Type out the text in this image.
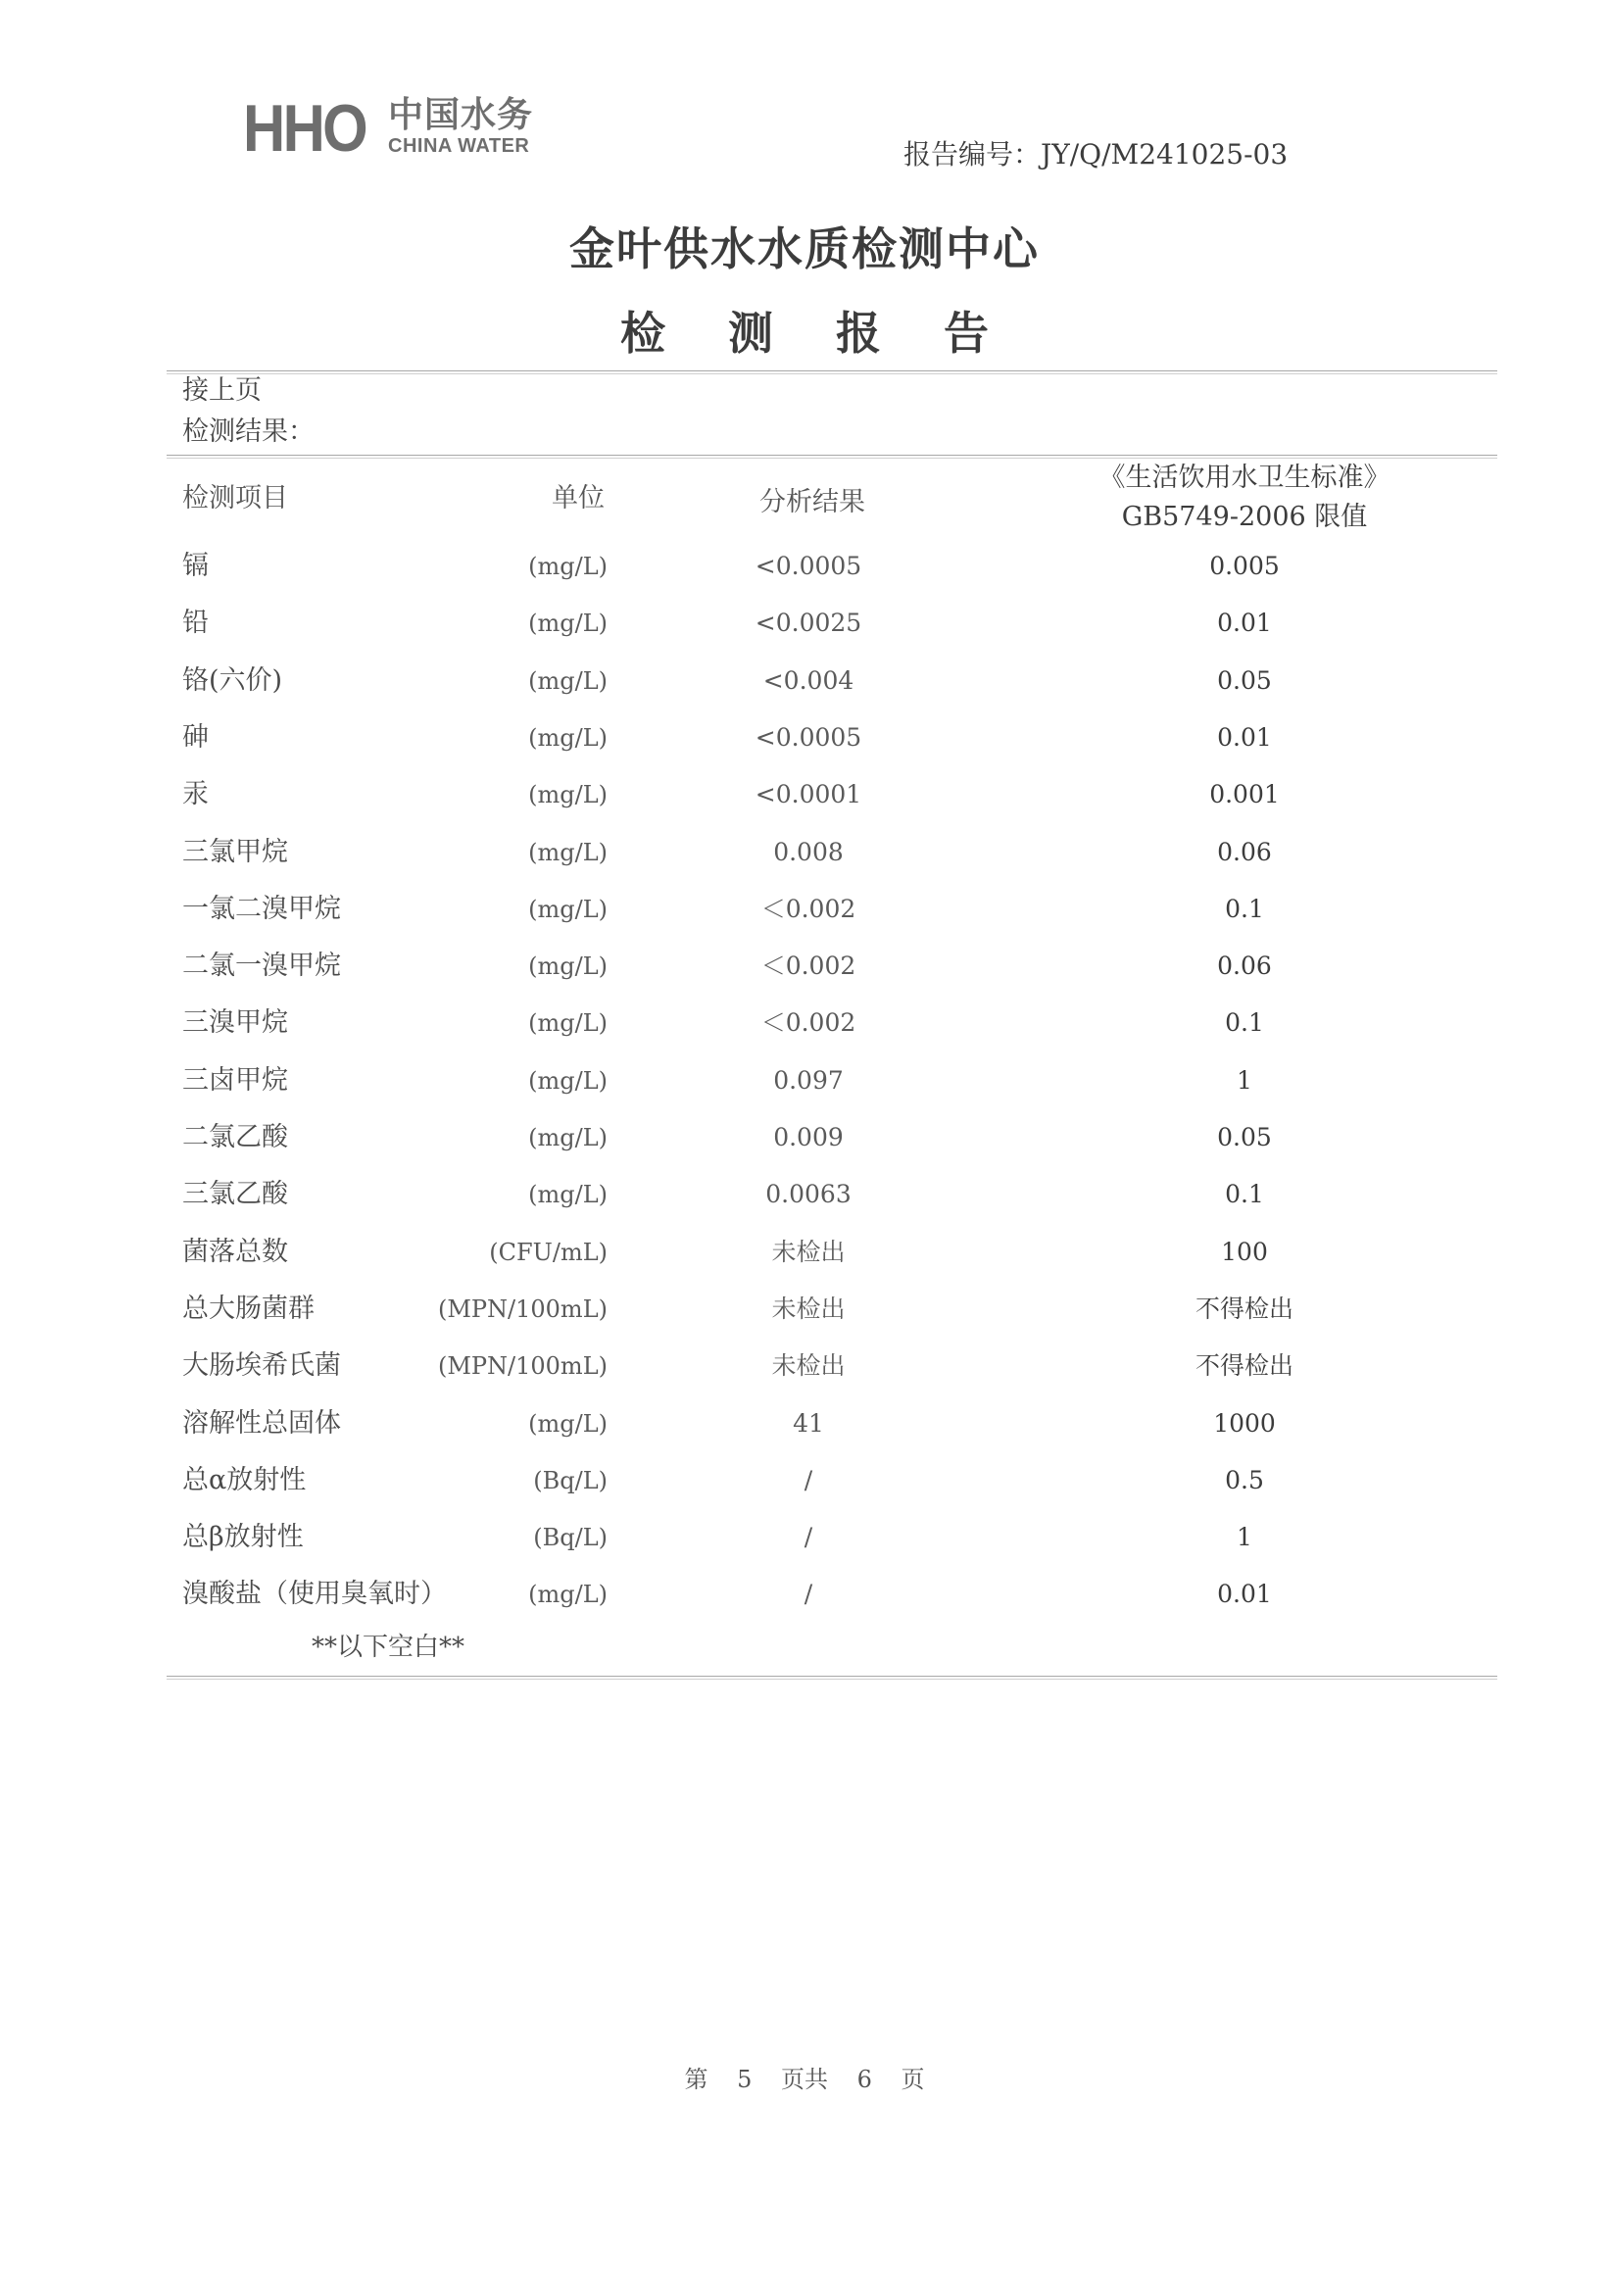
HHO 中国水务
CHINA WATER	报告编号：JY/Q/M241025-03
金叶供水水质检测中心
检 测 报 告
接上页
检测结果：
检测项目	单位	分析结果
《生活饮用水卫生标准》
GB5749-2006 限值
镉	(mg/L)	<0.0005	0.005
铅	(mg/L)	<0.0025	0.01
铬(六价)	(mg/L)	<0.004	0.05
砷	(mg/L)	<0.0005	0.01
汞	(mg/L)	<0.0001	0.001
三氯甲烷	(mg/L)	0.008	0.06
一氯二溴甲烷	(mg/L)	＜0.002	0.1
二氯一溴甲烷	(mg/L)	＜0.002	0.06
三溴甲烷	(mg/L)	＜0.002	0.1
三卤甲烷	(mg/L)	0.097	1
二氯乙酸	(mg/L)	0.009	0.05
三氯乙酸	(mg/L)	0.0063	0.1
菌落总数	(CFU/mL)	未检出	100
总大肠菌群	(MPN/100mL)	未检出	不得检出
大肠埃希氏菌	(MPN/100mL)	未检出	不得检出
溶解性总固体	(mg/L)	41	1000
总α放射性	(Bq/L)	/	0.5
总β放射性	(Bq/L)	/	1
溴酸盐（使用臭氧时）	(mg/L)	/	0.01
**以下空白**
第 5 页共 6 页
